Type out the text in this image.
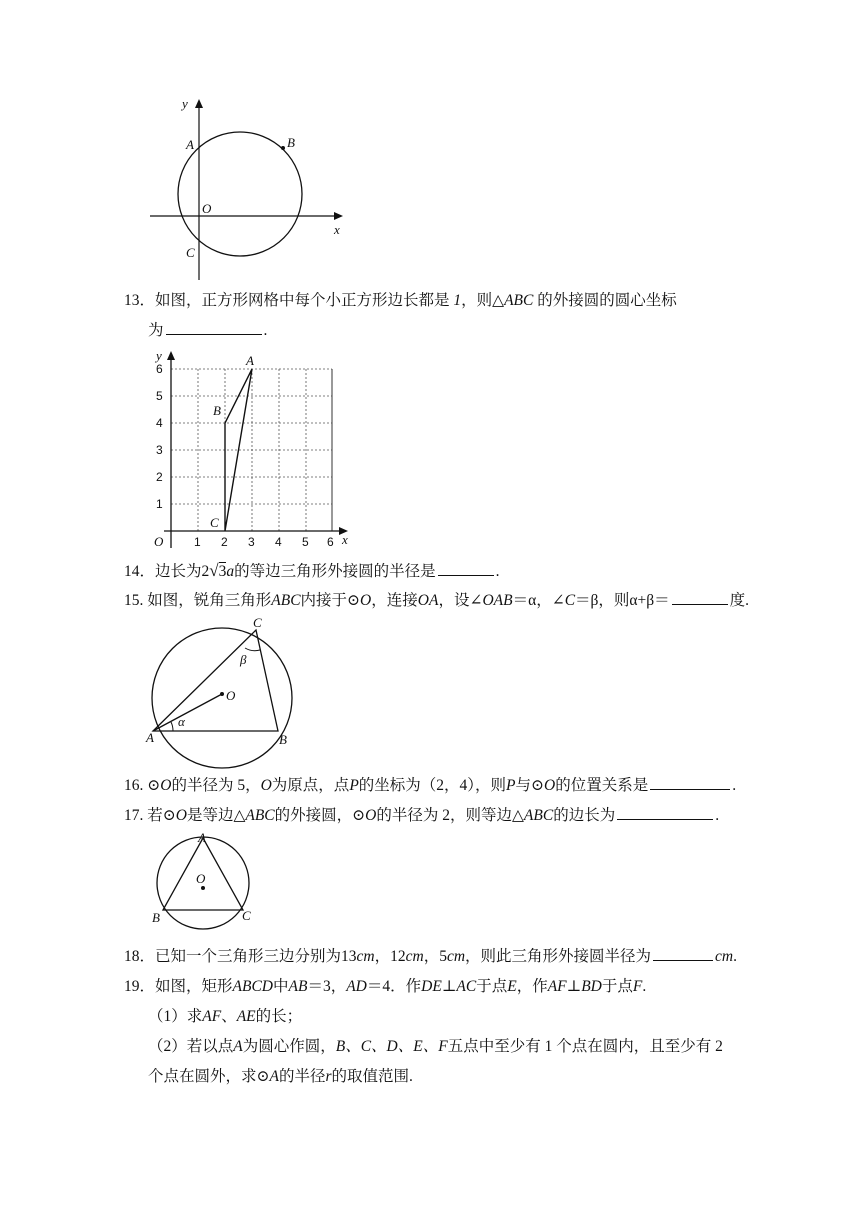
y
x
A	B
O
C
13．如图，正方形网格中每个小正方形边长都是 1，则△ABC 的外接圆的圆心坐标
为	.
y
x
O
1
2
3
4
5
6
1 2 3 4 5 6
A
B
C
14．边长为2√3a的等边三角形外接圆的半径是	.
15. 如图，锐角三角形ABC内接于⊙O，连接OA，设∠OAB＝α，∠C＝β，则α+β＝	度.
A	B
C
O
α
β
16. ⊙O的半径为 5，O为原点，点P的坐标为（2，4），则P与⊙O的位置关系是	.
17. 若⊙O是等边△ABC的外接圆，⊙O的半径为 2，则等边△ABC的边长为	.
A
B	C
O
18．已知一个三角形三边分别为13cm，12cm，5cm，则此三角形外接圆半径为	cm.
19．如图，矩形ABCD中AB＝3，AD＝4．作DE⊥AC于点E，作AF⊥BD于点F.
（1）求AF、AE的长；
（2）若以点A为圆心作圆，B、C、D、E、F五点中至少有 1 个点在圆内，且至少有 2
个点在圆外，求⊙A的半径r的取值范围.
